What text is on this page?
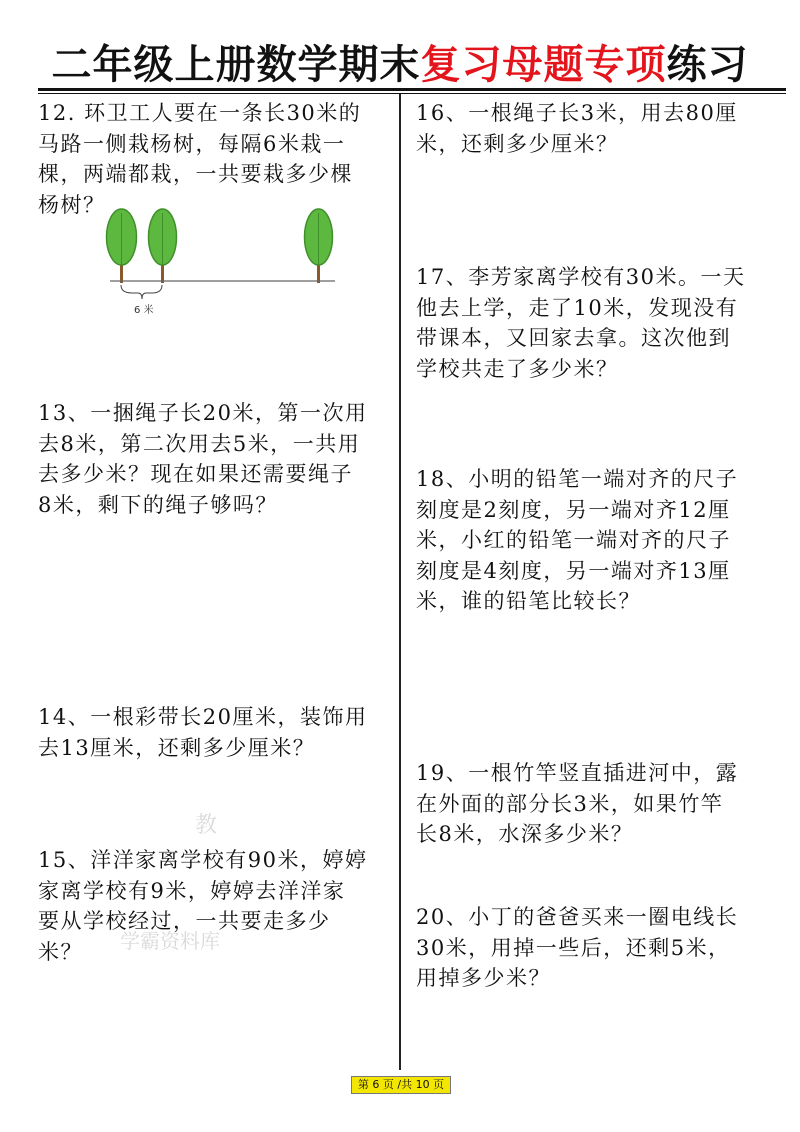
二年级上册数学期末复习母题专项练习
12. 环卫工人要在一条长30米的
马路一侧栽杨树，每隔6米栽一
棵，两端都栽，一共要栽多少棵
杨树？
6 米
13、一捆绳子长20米，第一次用
去8米，第二次用去5米，一共用
去多少米？现在如果还需要绳子
8米，剩下的绳子够吗？
14、一根彩带长20厘米，装饰用
去13厘米，还剩多少厘米？
15、洋洋家离学校有90米，婷婷
家离学校有9米，婷婷去洋洋家
要从学校经过，一共要走多少
米？
教
学霸资料库
16、一根绳子长3米，用去80厘
米，还剩多少厘米？
17、李芳家离学校有30米。一天
他去上学，走了10米，发现没有
带课本，又回家去拿。这次他到
学校共走了多少米？
18、小明的铅笔一端对齐的尺子
刻度是2刻度，另一端对齐12厘
米，小红的铅笔一端对齐的尺子
刻度是4刻度，另一端对齐13厘
米，谁的铅笔比较长？
19、一根竹竿竖直插进河中，露
在外面的部分长3米，如果竹竿
长8米，水深多少米？
20、小丁的爸爸买来一圈电线长
30米，用掉一些后，还剩5米，
用掉多少米？
第 6 页 /共 10 页
